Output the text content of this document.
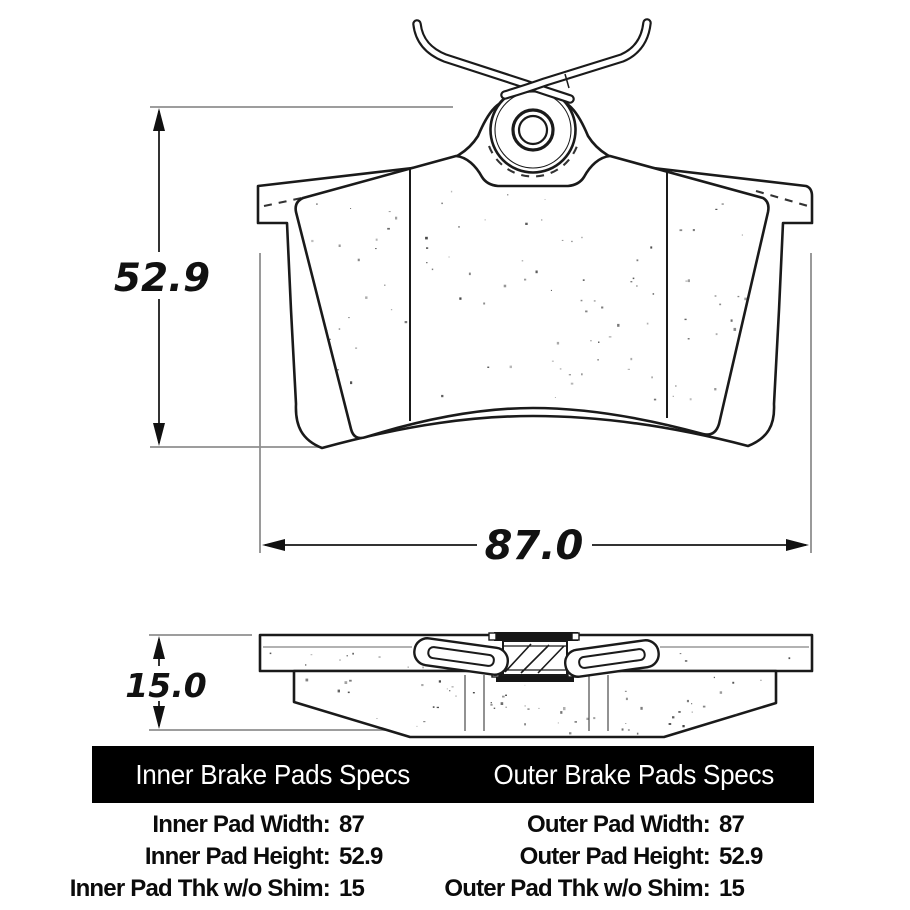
52.9
87.0
15.0
Inner Brake Pads Specs	Outer Brake Pads Specs
Inner Pad Width: 87	Outer Pad Width: 87
Inner Pad Height: 52.9	Outer Pad Height: 52.9
Inner Pad Thk w/o Shim: 15	Outer Pad Thk w/o Shim: 15
